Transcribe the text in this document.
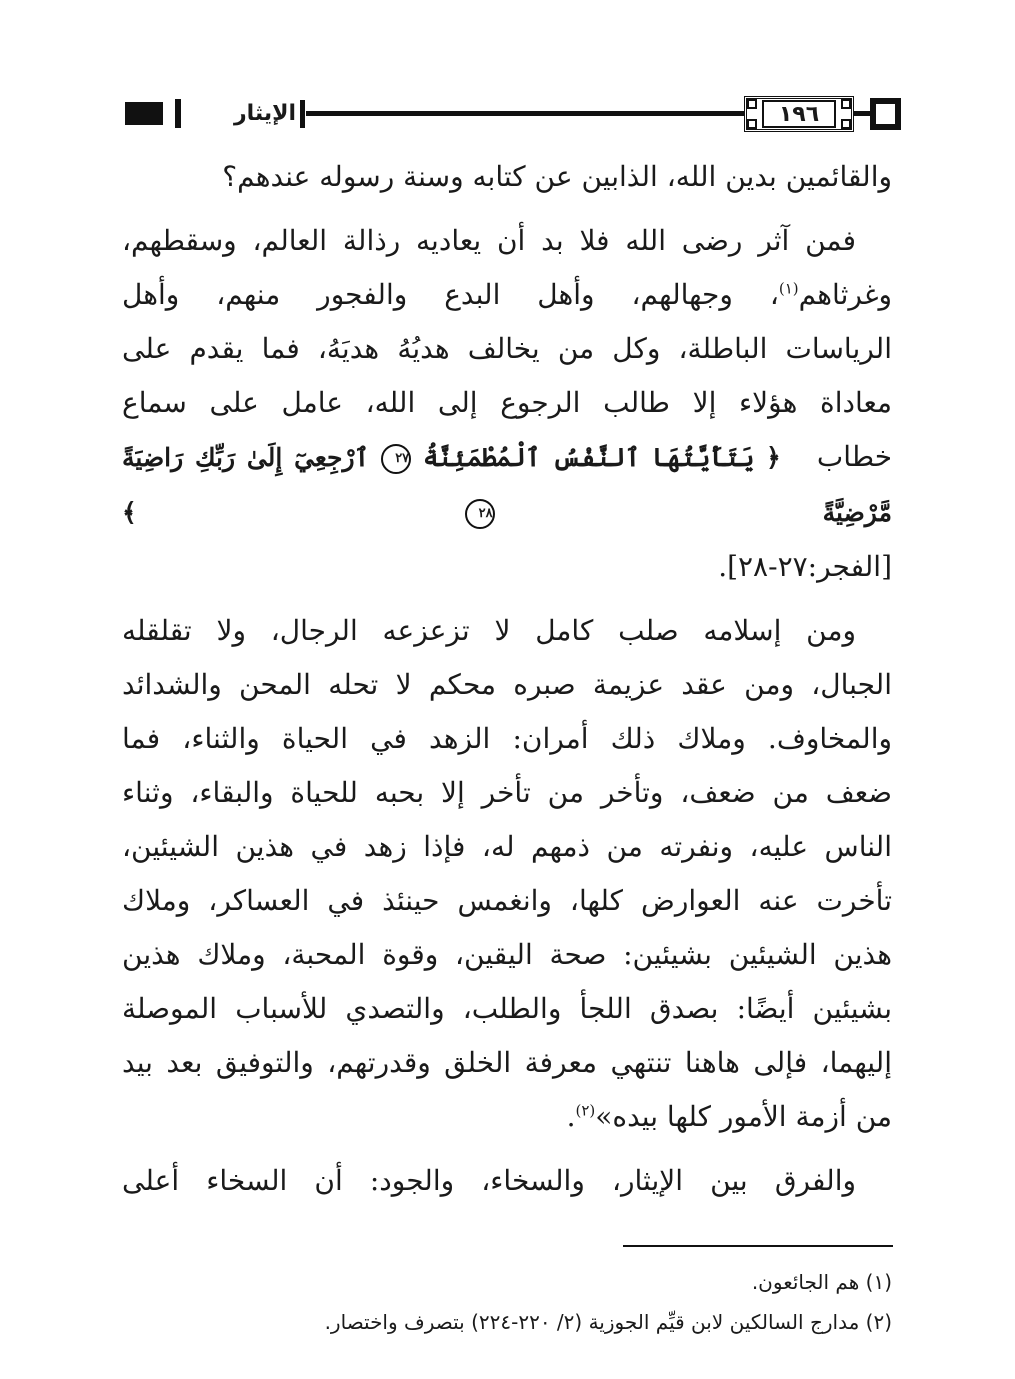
الإيثار	١٩٦

والقائمين بدين الله، الذابين عن كتابه وسنة رسوله عندهم؟

فمن آثر رضى الله فلا بد أن يعاديه رذالة العالم، وسقطهم،
وغرثاهم$^{(١)}$، وجهالهم، وأهل البدع والفجور منهم، وأهل
الرياسات الباطلة، وكل من يخالف هديُهُ هديَهُ، فما يقدم على
معاداة هؤلاء إلا طالب الرجوع إلى الله، عامل على سماع
خطاب   ﴿ يَتَأَيَّتُهَا ٱلنَّفْسُ ٱلْمُطْمَئِنَّةُ ٢٧ ٱرْجِعِيٓ إِلَىٰ رَبِّكِ رَاضِيَةً مَّرْضِيَّةً ٢٨ ﴾
[الفجر:٢٧-٢٨].

ومن إسلامه صلب كامل لا تزعزعه الرجال، ولا تقلقله
الجبال، ومن عقد عزيمة صبره محكم لا تحله المحن والشدائد
والمخاوف. وملاك ذلك أمران: الزهد في الحياة والثناء، فما
ضعف من ضعف، وتأخر من تأخر إلا بحبه للحياة والبقاء، وثناء
الناس عليه، ونفرته من ذمهم له، فإذا زهد في هذين الشيئين،
تأخرت عنه العوارض كلها، وانغمس حينئذ في العساكر، وملاك
هذين الشيئين بشيئين: صحة اليقين، وقوة المحبة، وملاك هذين
بشيئين أيضًا: بصدق اللجأ والطلب، والتصدي للأسباب الموصلة
إليهما، فإلى هاهنا تنتهي معرفة الخلق وقدرتهم، والتوفيق بعد بيد
من أزمة الأمور كلها بيده»$^{(٢)}$.

والفرق بين الإيثار، والسخاء، والجود: أن السخاء أعلى

(١) هم الجائعون.
(٢) مدارج السالكين لابن قيِّم الجوزية (٢/ ٢٢٠-٢٢٤) بتصرف واختصار.
